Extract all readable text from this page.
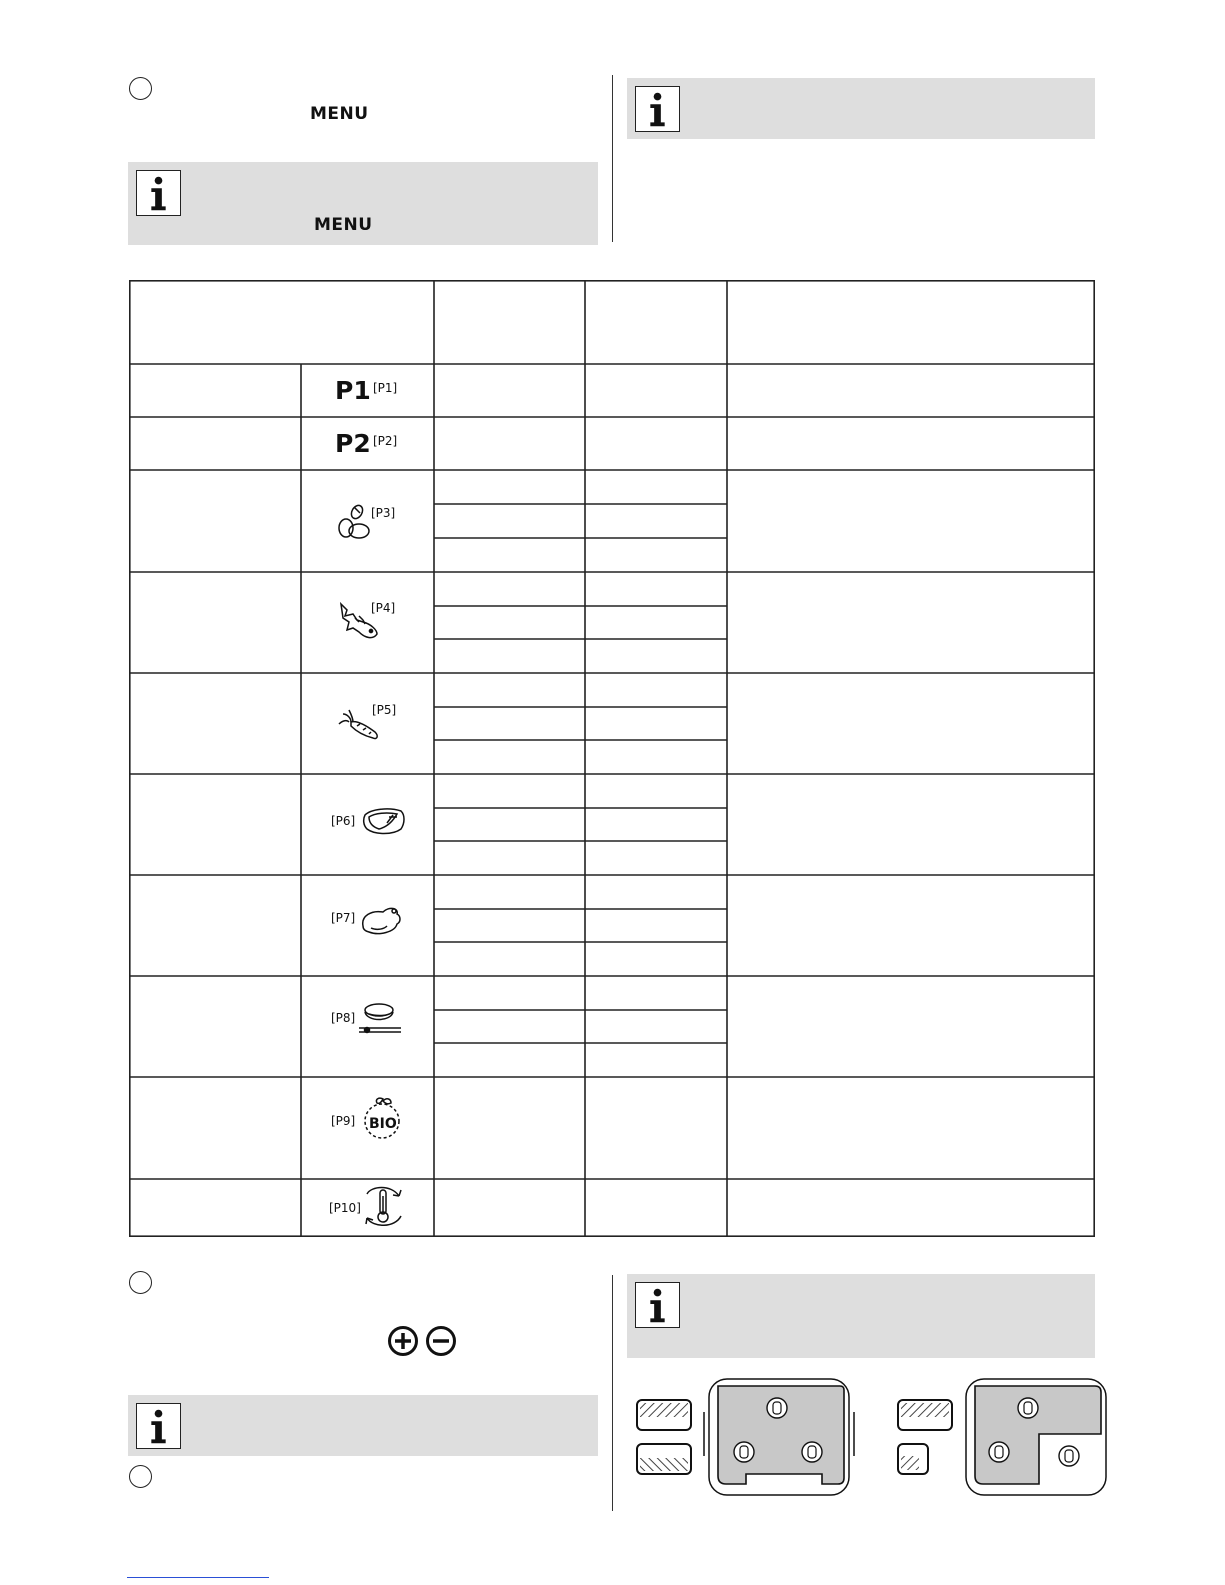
MENU
MENU
P1 [P1]
P2 [P2]
[P3]
[P4]
[P5]
[P6]
[P7]
[P8]
[P9] BIO
[P10]
